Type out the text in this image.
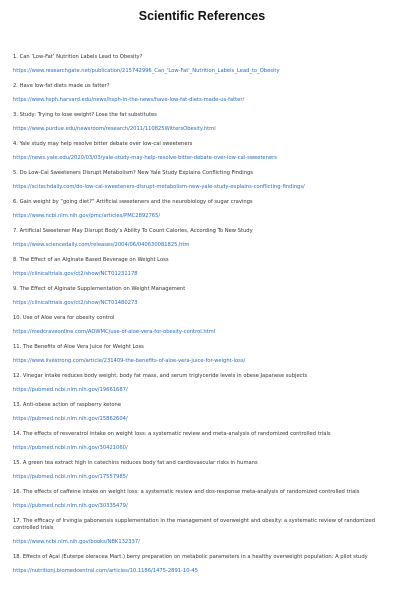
Scientific References

1. Can ‘Low-Fat’ Nutrition Labels Lead to Obesity?

https://www.researchgate.net/publication/215742996_Can_'Low-Fat'_Nutrition_Labels_Lead_to_Obesity

2. Have low-fat diets made us fatter?

https://www.hsph.harvard.edu/news/hsph-in-the-news/have-low-fat-diets-made-us-fatter/

3. Study: Trying to lose weight? Lose the fat substitutes

https://www.purdue.edu/newsroom/research/2011/110825WittersObesity.html

4. Yale study may help resolve bitter debate over low-cal sweeteners

https://news.yale.edu/2020/03/03/yale-study-may-help-resolve-bitter-debate-over-low-cal-sweeteners

5. Do Low-Cal Sweeteners Disrupt Metabolism? New Yale Study Explains Conflicting Findings

https://scitechdaily.com/do-low-cal-sweeteners-disrupt-metabolism-new-yale-study-explains-conflicting-findings/

6. Gain weight by “going diet?” Artificial sweeteners and the neurobiology of sugar cravings

https://www.ncbi.nlm.nih.gov/pmc/articles/PMC2892765/

7. Artificial Sweetener May Disrupt Body’s Ability To Count Calories, According To New Study

https://www.sciencedaily.com/releases/2004/06/040630081825.htm

8. The Effect of an Alginate Based Beverage on Weight Loss

https://clinicaltrials.gov/ct2/show/NCT01231178

9. The Effect of Alginate Supplementation on Weight Management

https://clinicaltrials.gov/ct2/show/NCT01480273

10. Use of Aloe vera for obesity control

https://medcraveonline.com/AOWMC/use-of-aloe-vera-for-obesity-control.html

11. The Benefits of Aloe Vera Juice for Weight Loss

https://www.livestrong.com/article/231409-the-benefits-of-aloe-vera-juice-for-weight-loss/

12. Vinegar intake reduces body weight, body fat mass, and serum triglyceride levels in obese Japanese subjects

https://pubmed.ncbi.nlm.nih.gov/19661687/

13. Anti-obese action of raspberry ketone

https://pubmed.ncbi.nlm.nih.gov/15862604/

14. The effects of resveratrol intake on weight loss: a systematic review and meta-analysis of randomized controlled trials

https://pubmed.ncbi.nlm.nih.gov/30421060/

15. A green tea extract high in catechins reduces body fat and cardiovascular risks in humans

https://pubmed.ncbi.nlm.nih.gov/17557985/

16. The effects of caffeine intake on weight loss: a systematic review and dos-response meta-analysis of randomized controlled trials

https://pubmed.ncbi.nlm.nih.gov/30335479/

17. The efficacy of Irvingia gabonensis supplementation in the management of overweight and obesity: a systematic review of randomized controlled trials

https://www.ncbi.nlm.nih.gov/books/NBK132337/

18. Effects of Açaí (Euterpe oleracea Mart.) berry preparation on metabolic parameters in a healthy overweight population: A pilot study

https://nutritionj.biomedcentral.com/articles/10.1186/1475-2891-10-45
